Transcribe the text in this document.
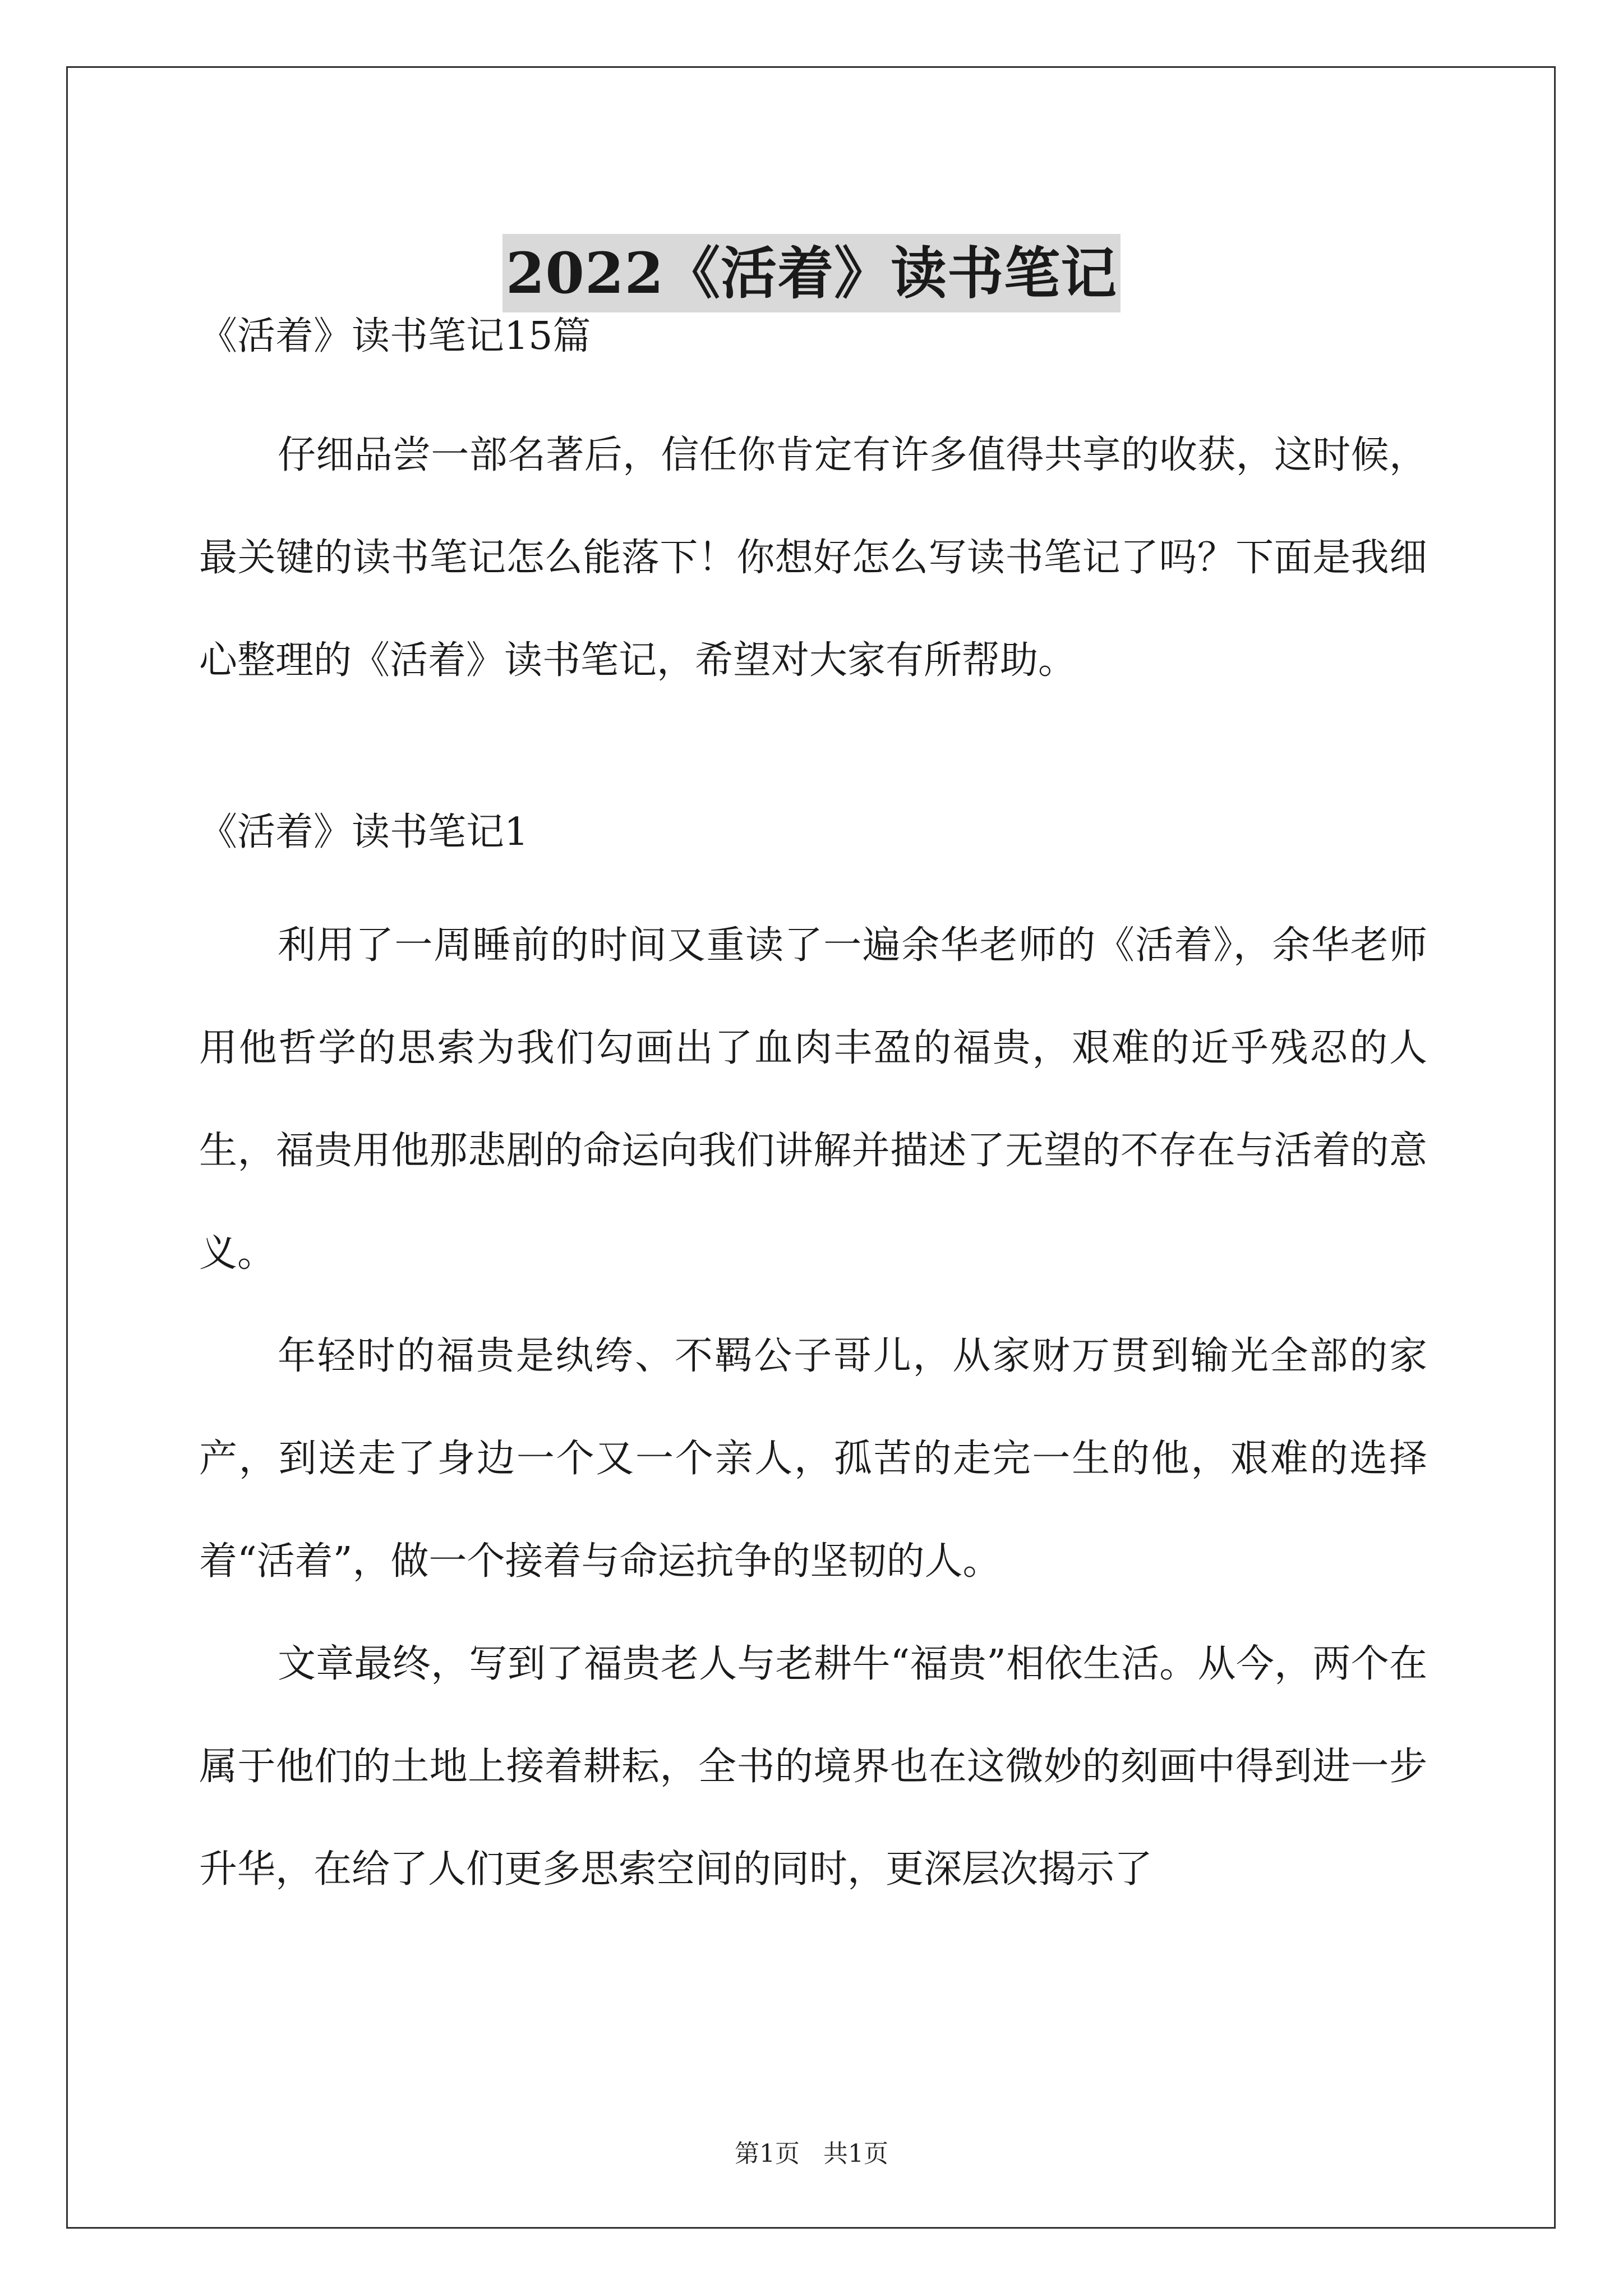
2022《活着》读书笔记

《活着》读书笔记15篇

仔细品尝一部名著后，信任你肯定有许多值得共享的收获，这时候，最关键的读书笔记怎么能落下！你想好怎么写读书笔记了吗？下面是我细心整理的《活着》读书笔记，希望对大家有所帮助。

《活着》读书笔记1

利用了一周睡前的时间又重读了一遍余华老师的《活着》，余华老师用他哲学的思索为我们勾画出了血肉丰盈的福贵，艰难的近乎残忍的人生，福贵用他那悲剧的命运向我们讲解并描述了无望的不存在与活着的意义。

年轻时的福贵是纨绔、不羁公子哥儿，从家财万贯到输光全部的家产，到送走了身边一个又一个亲人，孤苦的走完一生的他，艰难的选择着“活着”，做一个接着与命运抗争的坚韧的人。

文章最终，写到了福贵老人与老耕牛“福贵”相依生活。从今，两个在属于他们的土地上接着耕耘，全书的境界也在这微妙的刻画中得到进一步升华，在给了人们更多思索空间的同时，更深层次揭示了

第1页 共1页
